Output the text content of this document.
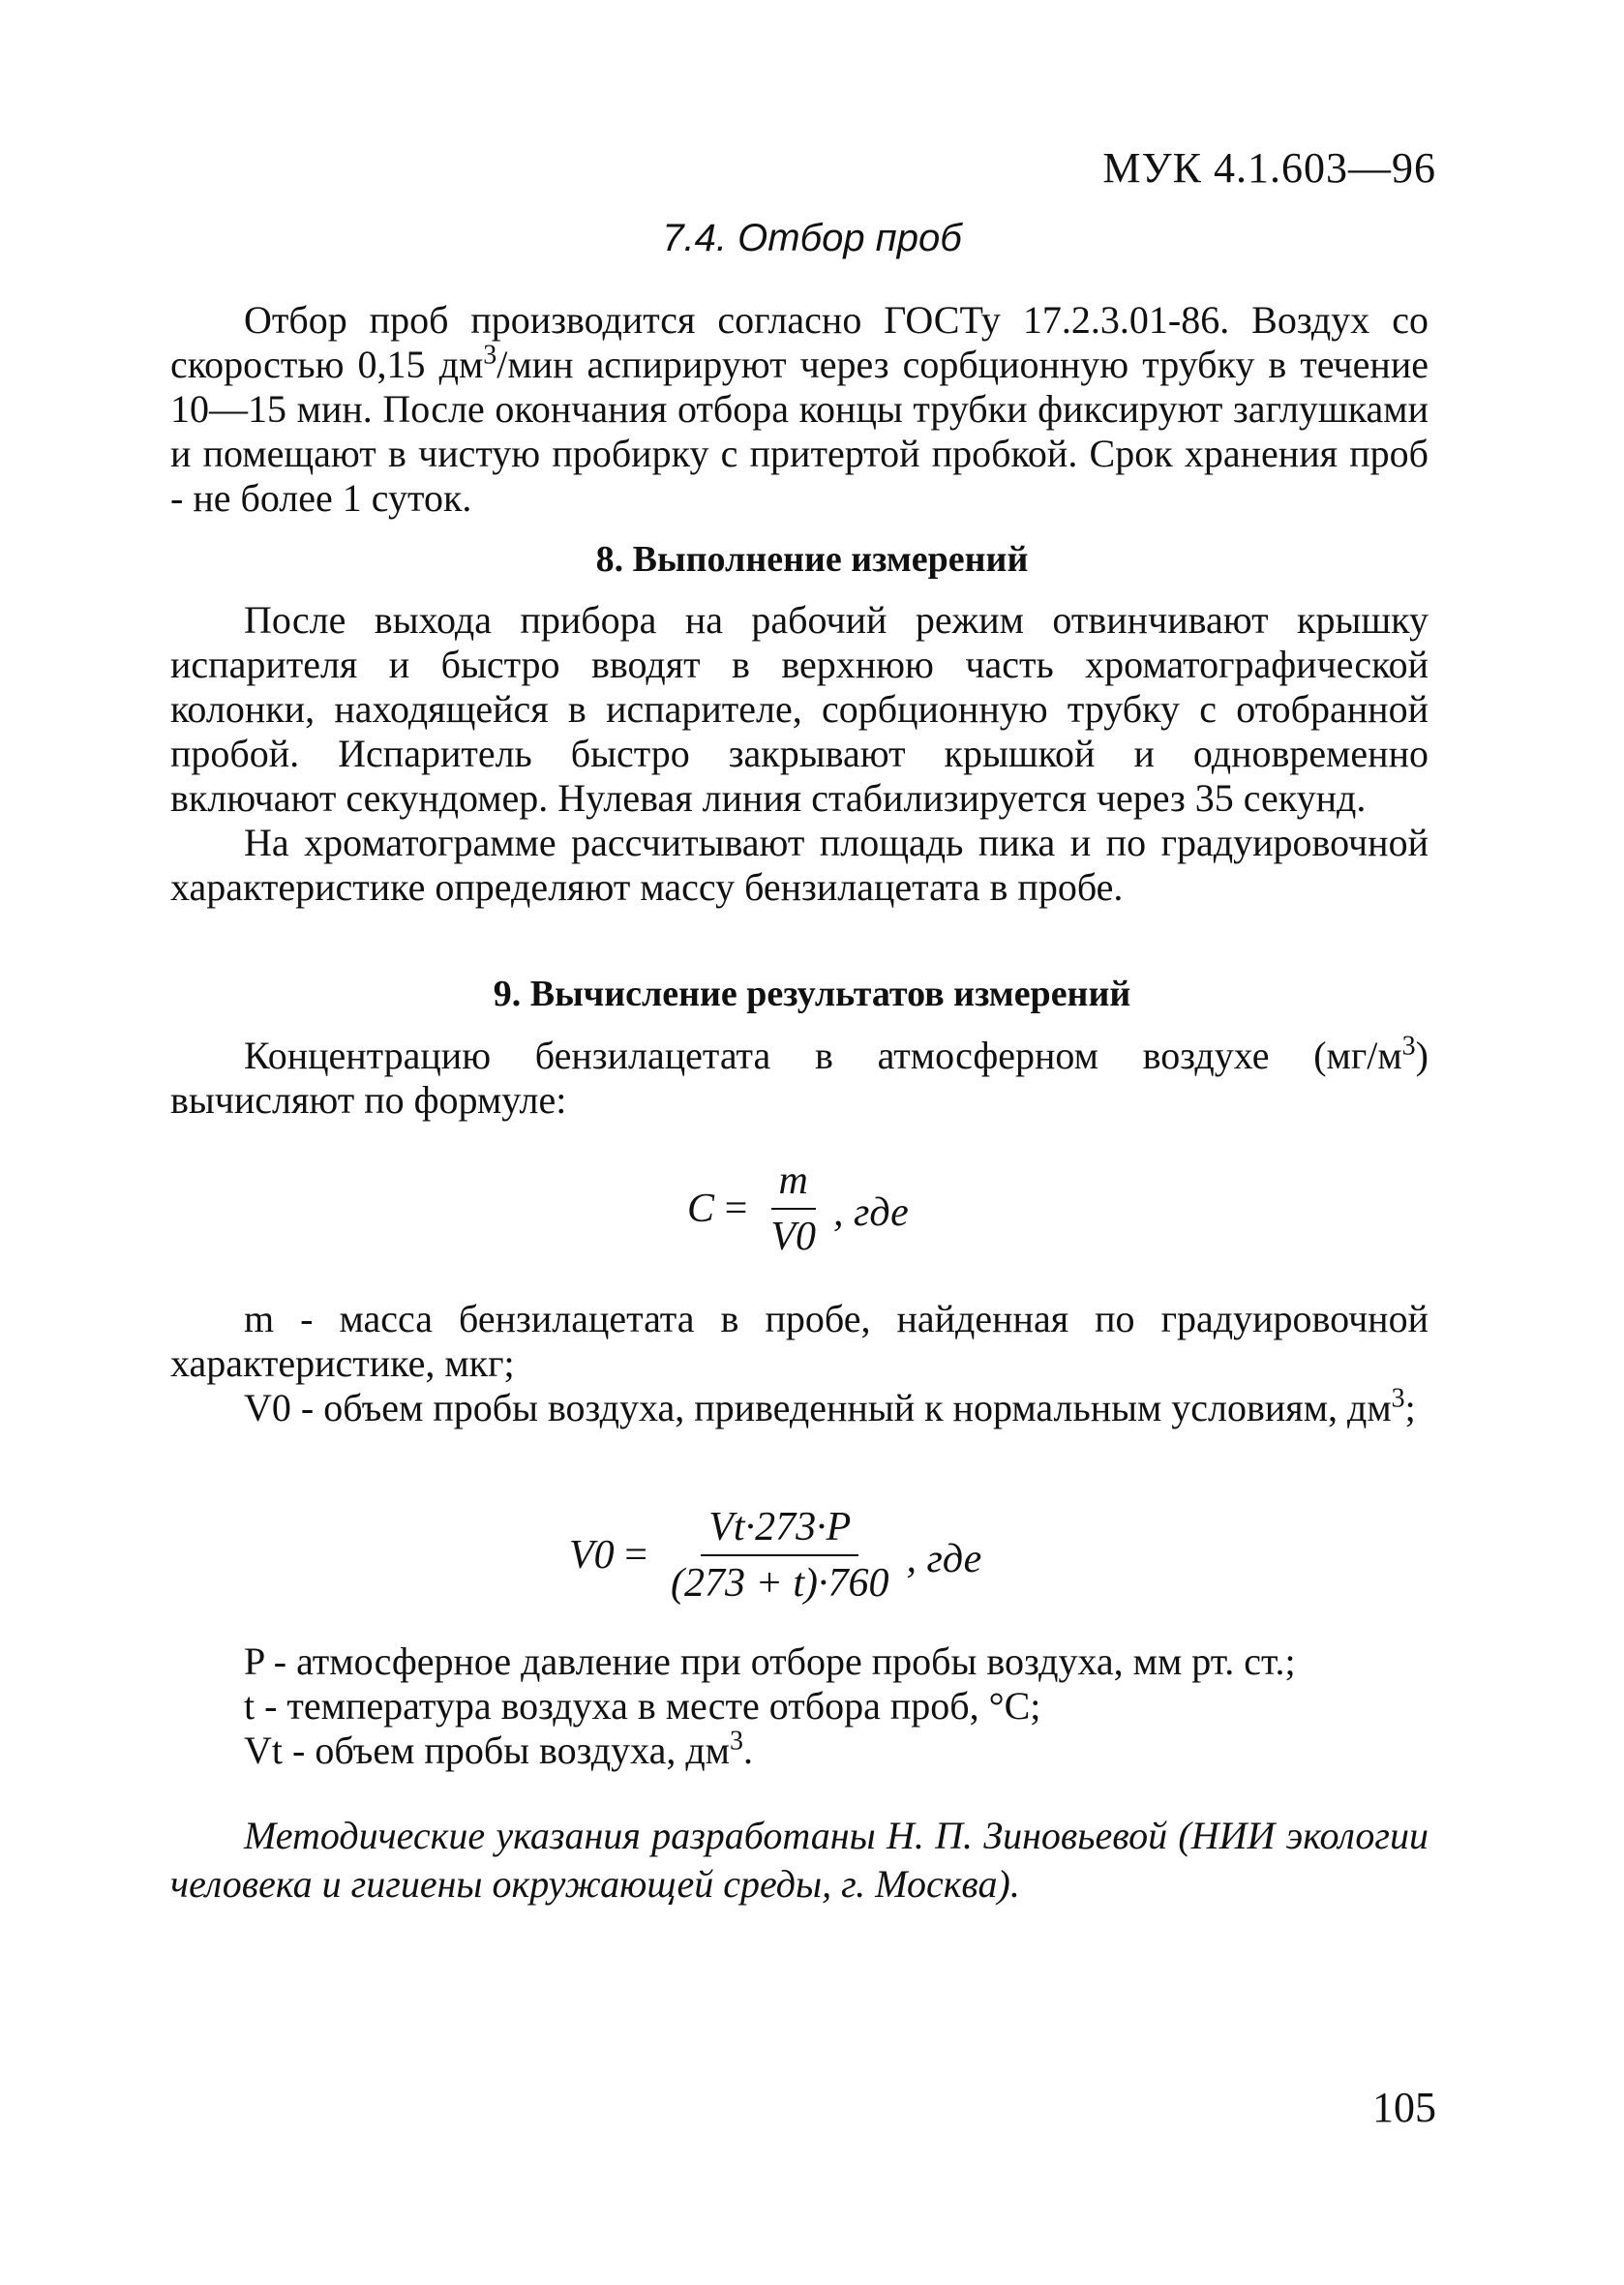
МУК 4.1.603—96
7.4. Отбор проб

Отбор проб производится согласно ГОСТу 17.2.3.01-86. Воздух со скоростью 0,15 $дм^3$/мин аспирируют через сорбционную трубку в течение 10—15 мин. После окончания отбора концы трубки фиксируют заглушками и помещают в чистую пробирку с притертой пробкой. Срок хранения проб - не более 1 суток.

8. Выполнение измерений

После выхода прибора на рабочий режим отвинчивают крышку испарителя и быстро вводят в верхнюю часть хроматографической колонки, находящейся в испарителе, сорбционную трубку с отобранной пробой. Испаритель быстро закрывают крышкой и одновременно включают секундомер. Нулевая линия стабилизируется через 35 секунд.

На хроматограмме рассчитывают площадь пика и по градуировочной характеристике определяют массу бензилацетата в пробе.

9. Вычисление результатов измерений

Концентрацию бензилацетата в атмосферном воздухе $(мг/м^3)$ вычисляют по формуле:

$C = \frac{m}{V0}$ , где

m - масса бензилацетата в пробе, найденная по градуировочной характеристике, мкг;

V0 - объем пробы воздуха, приведенный к нормальным условиям, $дм^3$;

$V0 = \frac{Vt\cdot 273\cdot P}{(273 + t)\cdot 760}$ , где

P - атмосферное давление при отборе пробы воздуха, мм рт. ст.;

t - температура воздуха в месте отбора проб, °C;

Vt - объем пробы воздуха, $дм^3$.

Методические указания разработаны Н. П. Зиновьевой (НИИ экологии человека и гигиены окружающей среды, г. Москва).

105
